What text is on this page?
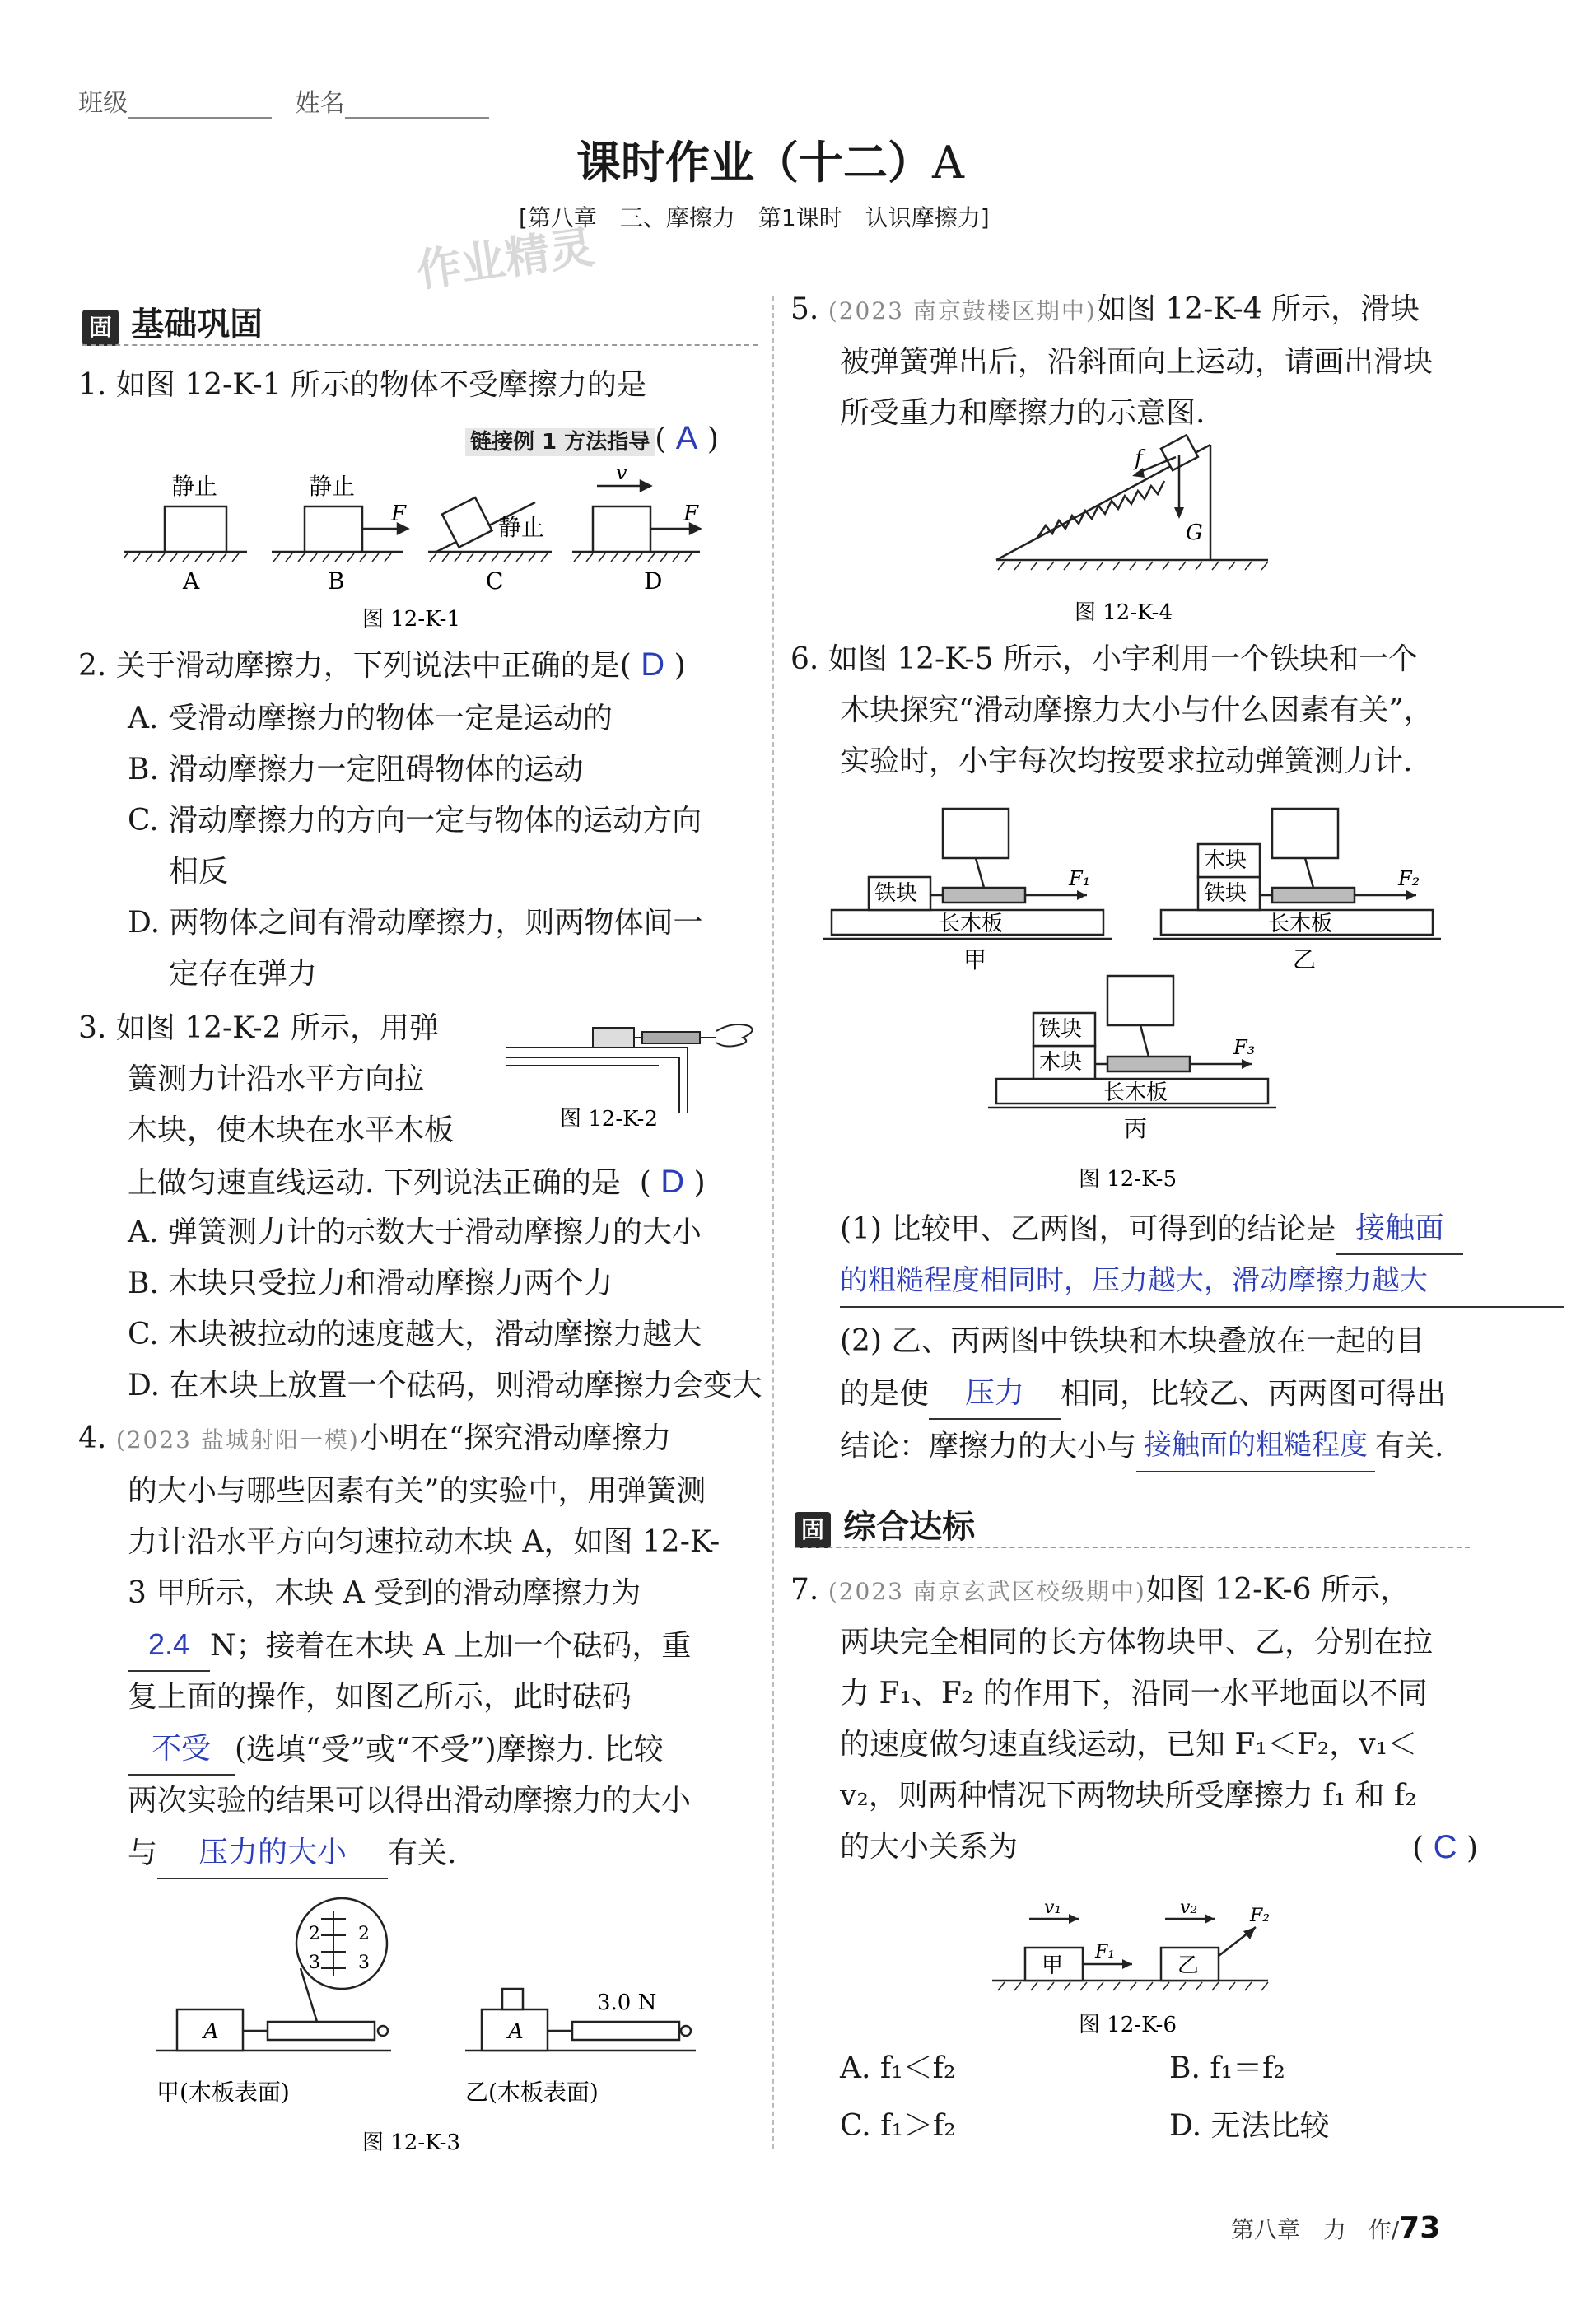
班级	姓名
课时作业（十二）A
[第八章　三、摩擦力　第1课时　认识摩擦力]
作业精灵
固 基础巩固
1. 如图 12-K-1 所示的物体不受摩擦力的是
链接例 1 方法指导 ( A )
静止	静止
静止
F	F
v
A	B	C	D
图 12-K-1
2. 关于滑动摩擦力，下列说法中正确的是( D )
A. 受滑动摩擦力的物体一定是运动的
B. 滑动摩擦力一定阻碍物体的运动
C. 滑动摩擦力的方向一定与物体的运动方向
相反
D. 两物体之间有滑动摩擦力，则两物体间一
定存在弹力
3. 如图 12-K-2 所示，用弹
簧测力计沿水平方向拉
木块，使木块在水平木板
上做匀速直线运动. 下列说法正确的是  ( D )
图 12-K-2
A. 弹簧测力计的示数大于滑动摩擦力的大小
B. 木块只受拉力和滑动摩擦力两个力
C. 木块被拉动的速度越大，滑动摩擦力越大
D. 在木块上放置一个砝码，则滑动摩擦力会变大
4. (2023 盐城射阳一模)小明在“探究滑动摩擦力
的大小与哪些因素有关”的实验中，用弹簧测
力计沿水平方向匀速拉动木块 A，如图 12-K-
3 甲所示，木块 A 受到的滑动摩擦力为
2.4 N；接着在木块 A 上加一个砝码，重
复上面的操作，如图乙所示，此时砝码
不受 (选填“受”或“不受”)摩擦力. 比较
两次实验的结果可以得出滑动摩擦力的大小
与 压力的大小 有关.
2 2
3 3
A	A
3.0 N
甲(木板表面)	乙(木板表面)
图 12-K-3
5. (2023 南京鼓楼区期中)如图 12-K-4 所示，滑块
被弹簧弹出后，沿斜面向上运动，请画出滑块
所受重力和摩擦力的示意图.
f
G
图 12-K-4
6. 如图 12-K-5 所示，小宇利用一个铁块和一个
木块探究“滑动摩擦力大小与什么因素有关”，
实验时，小宇每次均按要求拉动弹簧测力计.
铁块	铁块
木块
铁块
木块
长木板	长木板
长木板
F₁	F₂
F₃
甲	乙
丙
图 12-K-5
(1) 比较甲、乙两图，可得到的结论是 接触面
的粗糙程度相同时，压力越大，滑动摩擦力越大
(2) 乙、丙两图中铁块和木块叠放在一起的目
的是使 压力 相同，比较乙、丙两图可得出
结论：摩擦力的大小与 接触面的粗糙程度 有关.
固 综合达标
7. (2023 南京玄武区校级期中)如图 12-K-6 所示，
两块完全相同的长方体物块甲、乙，分别在拉
力 F₁、F₂ 的作用下，沿同一水平地面以不同
的速度做匀速直线运动，已知 F₁＜F₂，v₁＜
v₂，则两种情况下两物块所受摩擦力 f₁ 和 f₂
的大小关系为	( C )
甲	乙
v₁	v₂
F₁
F₂
图 12-K-6
A. f₁＜f₂	B. f₁＝f₂
C. f₁＞f₂	D. 无法比较
第八章　力 作/73
